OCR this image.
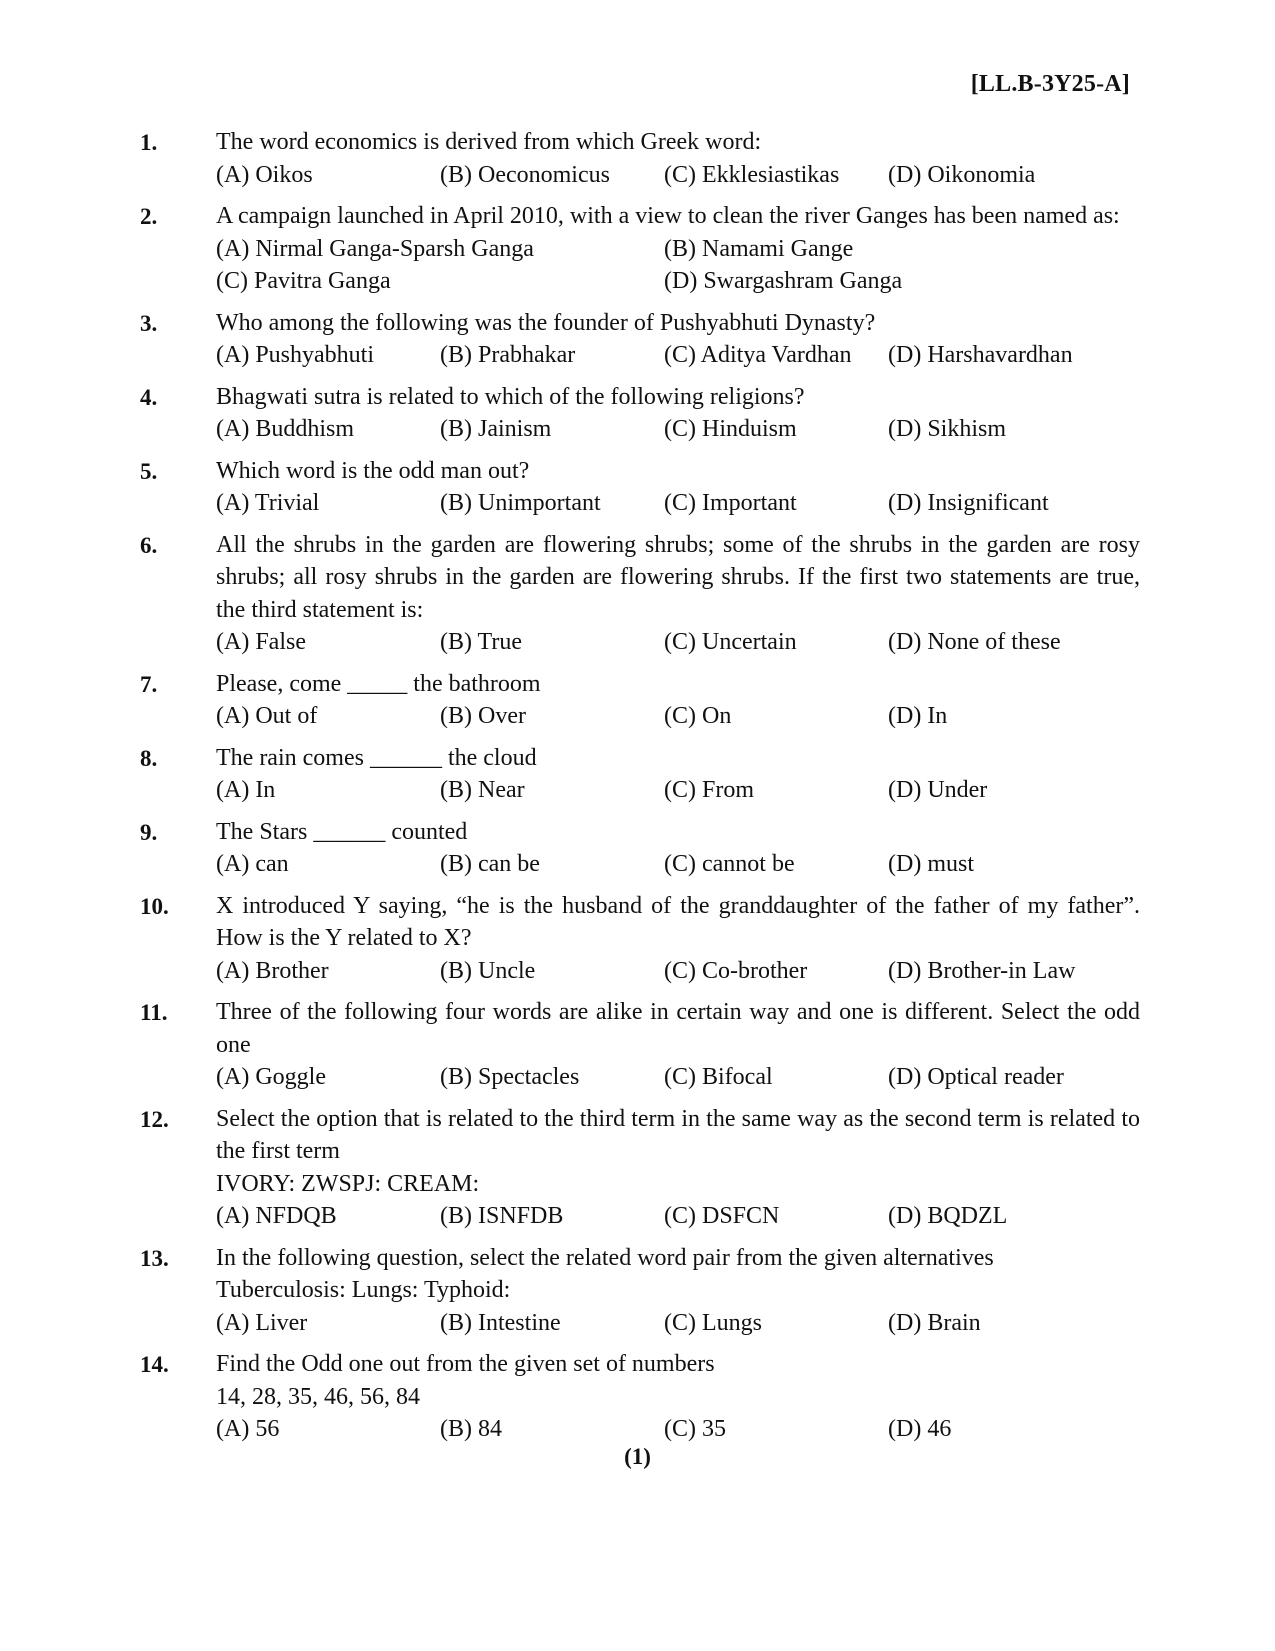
[LL.B-3Y25-A]
1.	The word economics is derived from which Greek word:

(A) Oikos	(B) Oeconomicus	(C) Ekklesiastikas	(D) Oikonomia
2.	A campaign launched in April 2010, with a view to clean the river Ganges has been named as:

(A) Nirmal Ganga-Sparsh Ganga	(B) Namami Gange
(C) Pavitra Ganga	(D) Swargashram Ganga
3.	Who among the following was the founder of Pushyabhuti Dynasty?

(A) Pushyabhuti	(B) Prabhakar	(C) Aditya Vardhan	(D) Harshavardhan
4.	Bhagwati sutra is related to which of the following religions?

(A) Buddhism	(B) Jainism	(C) Hinduism	(D) Sikhism
5.	Which word is the odd man out?

(A) Trivial	(B) Unimportant	(C) Important	(D) Insignificant
6.	All the shrubs in the garden are flowering shrubs; some of the shrubs in the garden are rosy shrubs; all rosy shrubs in the garden are flowering shrubs. If the first two statements are true, the third statement is:

(A) False	(B) True	(C) Uncertain	(D) None of these
7.	Please, come _____ the bathroom

(A) Out of	(B) Over	(C) On	(D) In
8.	The rain comes ______ the cloud

(A) In	(B) Near	(C) From	(D) Under
9.	The Stars ______ counted

(A) can	(B) can be	(C) cannot be	(D) must
10.	X introduced Y saying, “he is the husband of the granddaughter of the father of my father”. How is the Y related to X?

(A) Brother	(B) Uncle	(C) Co-brother	(D) Brother-in Law
11.	Three of the following four words are alike in certain way and one is different. Select the odd one

(A) Goggle	(B) Spectacles	(C) Bifocal	(D) Optical reader
12.	Select the option that is related to the third term in the same way as the second term is related to the first term

IVORY: ZWSPJ: CREAM:

(A) NFDQB	(B) ISNFDB	(C) DSFCN	(D) BQDZL
13.	In the following question, select the related word pair from the given alternatives

Tuberculosis: Lungs: Typhoid:

(A) Liver	(B) Intestine	(C) Lungs	(D) Brain
14.	Find the Odd one out from the given set of numbers

14, 28, 35, 46, 56, 84

(A) 56	(B) 84	(C) 35	(D) 46
(1)
